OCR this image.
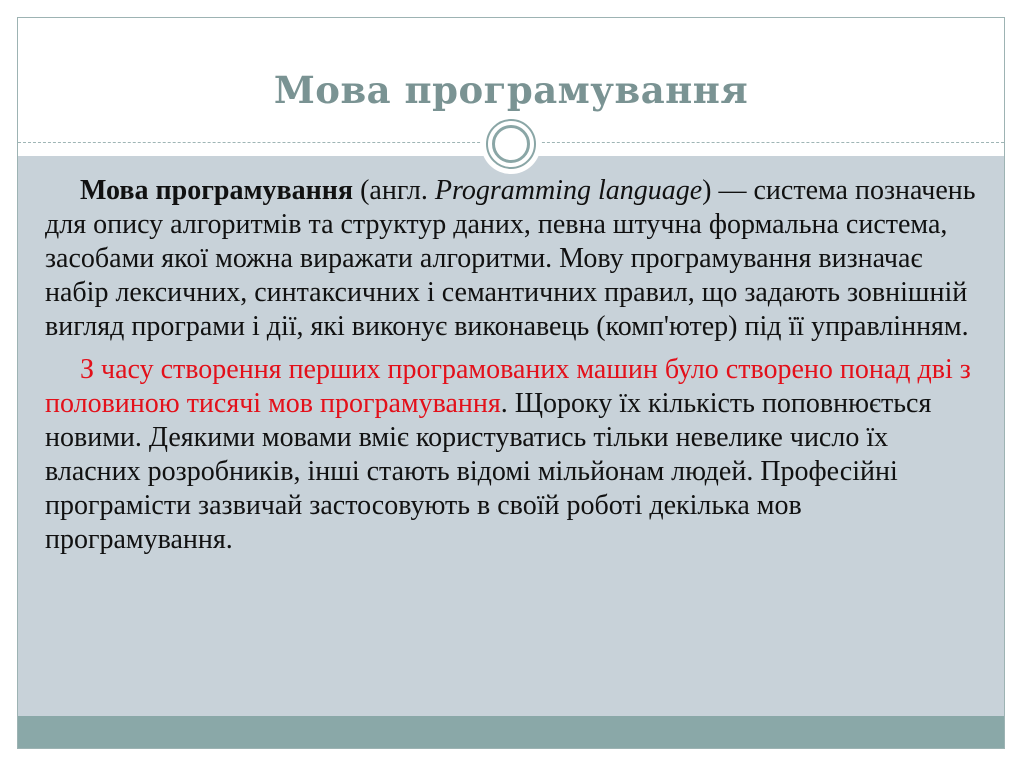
Мова програмування

Мова програмування (англ. Programming language) — система позначень для опису алгоритмів та структур даних, певна штучна формальна система, засобами якої можна виражати алгоритми. Мову програмування визначає набір лексичних, синтаксичних і семантичних правил, що задають зовнішній вигляд програми і дії, які виконує виконавець (комп'ютер) під її управлінням.

З часу створення перших програмованих машин було створено понад дві з половиною тисячі мов програмування. Щороку їх кількість поповнюється новими. Деякими мовами вміє користуватись тільки невелике число їх власних розробників, інші стають відомі мільйонам людей. Професійні програмісти зазвичай застосовують в своїй роботі декілька мов програмування.
